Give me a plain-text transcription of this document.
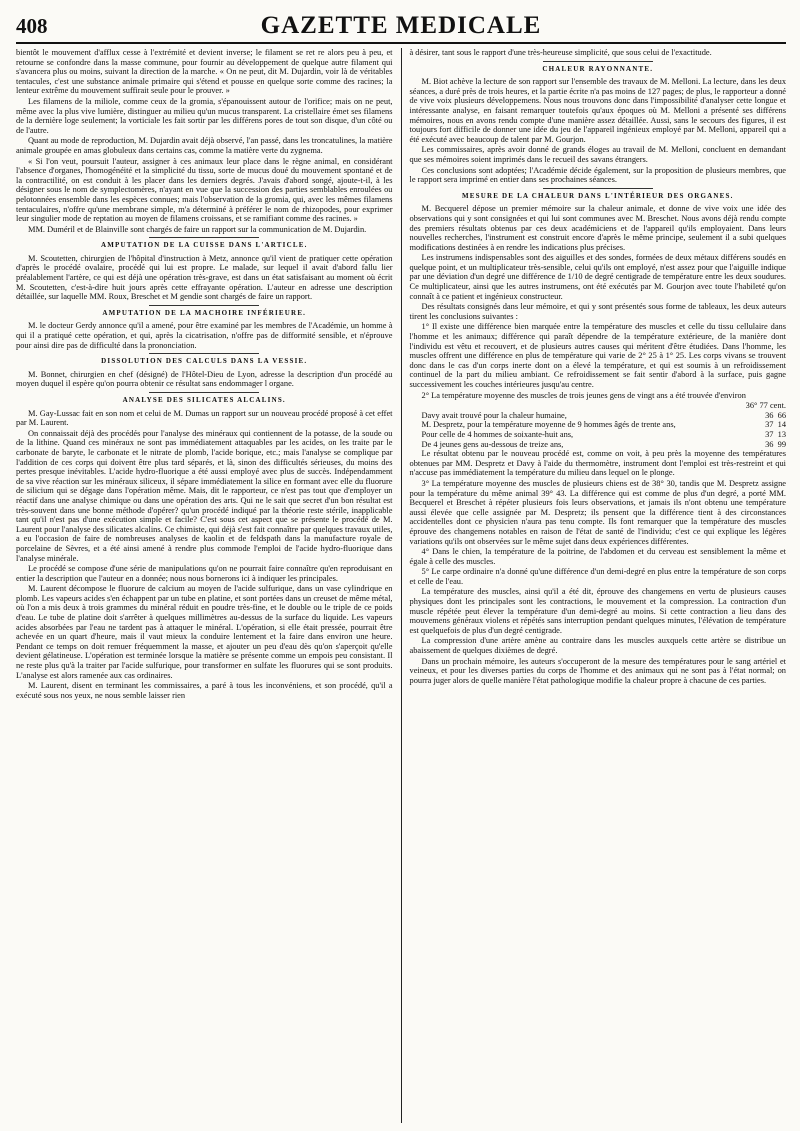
408	GAZETTE MEDICALE

bientôt le mouvement d'afflux cesse à l'extrémité et devient inverse; le filament se ret re alors peu à peu, et retourne se confondre dans la masse commune, pour fournir au développement de quelque autre filament qui s'avancera plus ou moins, suivant la direction de la marche. « On ne peut, dit M. Dujardin, voir là de véritables tentacules, c'est une substance animale primaire qui s'étend et pousse en quelque sorte comme des racines; la lenteur extrême du mouvement suffirait seule pour le prouver. »

Les filamens de la miliole, comme ceux de la gromia, s'épanouissent autour de l'orifice; mais on ne peut, même avec la plus vive lumière, distinguer au milieu qu'un mucus transparent. La cristellaire émet ses filamens de la dernière loge seulement; la vorticiale les fait sortir par les différens pores de tout son disque, d'un côté ou de l'autre.

Quant au mode de reproduction, M. Dujardin avait déjà observé, l'an passé, dans les troncatulines, la matière animale groupée en amas globuleux dans certains cas, comme la matière verte du zygnema.

« Si l'on veut, poursuit l'auteur, assigner à ces animaux leur place dans le règne animal, en considérant l'absence d'organes, l'homogénéité et la simplicité du tissu, sorte de mucus doué du mouvement spontané et de la contractilité, on est conduit à les placer dans les derniers degrés. J'avais d'abord songé, ajoute-t-il, à les désigner sous le nom de symplectomères, n'ayant en vue que la succession des parties semblables enroulées ou pelotonnées ensemble dans les espèces connues; mais l'observation de la gromia, qui, avec les mêmes filamens tentaculaires, n'offre qu'une membrane simple, m'a déterminé à préférer le nom de rhizopodes, pour exprimer leur singulier mode de reptation au moyen de filamens croissans, et se ramifiant comme des racines. »

MM. Duméril et de Blainville sont chargés de faire un rapport sur la communication de M. Dujardin.

AMPUTATION DE LA CUISSE DANS L'ARTICLE.

M. Scoutetten, chirurgien de l'hôpital d'instruction à Metz, annonce qu'il vient de pratiquer cette opération d'après le procédé ovalaire, procédé qui lui est propre. Le malade, sur lequel il avait d'abord fallu lier préalablement l'artère, ce qui est déjà une opération très-grave, est dans un état satisfaisant au moment où écrit M. Scoutetten, c'est-à-dire huit jours après cette effrayante opération. L'auteur en adresse une description détaillée, sur laquelle MM. Roux, Breschet et M gendie sont chargés de faire un rapport.

AMPUTATION DE LA MACHOIRE INFÉRIEURE.

M. le docteur Gerdy annonce qu'il a amené, pour être examiné par les membres de l'Académie, un homme à qui il a pratiqué cette opération, et qui, après la cicatrisation, n'offre pas de difformité sensible, et n'éprouve pour ainsi dire pas de difficulté dans la prononciation.

DISSOLUTION DES CALCULS DANS LA VESSIE.

M. Bonnet, chirurgien en chef (désigné) de l'Hôtel-Dieu de Lyon, adresse la description d'un procédé au moyen duquel il espère qu'on pourra obtenir ce résultat sans endommager l organe.

ANALYSE DES SILICATES ALCALINS.

M. Gay-Lussac fait en son nom et celui de M. Dumas un rapport sur un nouveau procédé proposé à cet effet par M. Laurent.

On connaissait déjà des procédés pour l'analyse des minéraux qui contiennent de la potasse, de la soude ou de la lithine. Quand ces minéraux ne sont pas immédiatement attaquables par les acides, on les traite par le carbonate de baryte, le carbonate et le nitrate de plomb, l'acide borique, etc.; mais l'analyse se complique par l'addition de ces corps qui doivent être plus tard séparés, et là, sinon des difficultés sérieuses, du moins des pertes presque inévitables. L'acide hydro-fluorique a été aussi employé avec plus de succès. Indépendamment de sa vive réaction sur les minéraux siliceux, il sépare immédiatement la silice en formant avec elle du fluorure de silicium qui se dégage dans l'opération même. Mais, dit le rapporteur, ce n'est pas tout que d'employer un réactif dans une analyse chimique ou dans une opération des arts. Qui ne le sait que secret d'un bon résultat est très-souvent dans une bonne méthode d'opérer? qu'un procédé indiqué par la théorie reste stérile, inapplicable tant qu'il n'est pas d'une exécution simple et facile? C'est sous cet aspect que se présente le procédé de M. Laurent pour l'analyse des silicates alcalins. Ce chimiste, qui déjà s'est fait connaître par quelques travaux utiles, a eu l'occasion de faire de nombreuses analyses de kaolin et de feldspath dans la manufacture royale de porcelaine de Sèvres, et a été ainsi amené à rendre plus commode l'emploi de l'acide hydro-fluorique dans l'analyse minérale.

Le procédé se compose d'une série de manipulations qu'on ne pourrait faire connaître qu'en reproduisant en entier la description que l'auteur en a donnée; nous nous bornerons ici à indiquer les principales.

M. Laurent décompose le fluorure de calcium au moyen de l'acide sulfurique, dans un vase cylindrique en plomb. Les vapeurs acides s'en échappent par un tube en platine, et sont portées dans un creuset de même métal, où l'on a mis deux à trois grammes du minéral réduit en poudre très-fine, et le double ou le triple de ce poids d'eau. Le tube de platine doit s'arrêter à quelques millimètres au-dessus de la surface du liquide. Les vapeurs acides absorbées par l'eau ne tardent pas à attaquer le minéral. L'opération, si elle était pressée, pourrait être achevée en un quart d'heure, mais il vaut mieux la conduire lentement et la faire dans environ une heure. Pendant ce temps on doit remuer fréquemment la masse, et ajouter un peu d'eau dès qu'on s'aperçoit qu'elle devient gélatineuse. L'opération est terminée lorsque la matière se présente comme un empois peu consistant. Il ne reste plus qu'à la traiter par l'acide sulfurique, pour transformer en sulfate les fluorures qui se sont produits. L'analyse est alors ramenée aux cas ordinaires.

M. Laurent, disent en terminant les commissaires, a paré à tous les inconvéniens, et son procédé, qu'il a exécuté sous nos yeux, ne nous semble laisser rien

à désirer, tant sous le rapport d'une très-heureuse simplicité, que sous celui de l'exactitude.

CHALEUR RAYONNANTE.

M. Biot achève la lecture de son rapport sur l'ensemble des travaux de M. Melloni. La lecture, dans les deux séances, a duré près de trois heures, et la partie écrite n'a pas moins de 127 pages; de plus, le rapporteur a donné de vive voix plusieurs développemens. Nous nous trouvons donc dans l'impossibilité d'analyser cette longue et intéressante analyse, en faisant remarquer toutefois qu'aux époques où M. Melloni a présenté ses différens mémoires, nous en avons rendu compte d'une manière assez détaillée. Aussi, sans le secours des figures, il est toujours fort difficile de donner une idée du jeu de l'appareil ingénieux employé par M. Melloni, appareil qui a été exécuté avec beaucoup de talent par M. Gourjon.

Les commissaires, après avoir donné de grands éloges au travail de M. Melloni, concluent en demandant que ses mémoires soient imprimés dans le recueil des savans étrangers.

Ces conclusions sont adoptées; l'Académie décide également, sur la proposition de plusieurs membres, que le rapport sera imprimé en entier dans ses prochaines séances.

MESURE DE LA CHALEUR DANS L'INTÉRIEUR DES ORGANES.

M. Becquerel dépose un premier mémoire sur la chaleur animale, et donne de vive voix une idée des observations qui y sont consignées et qui lui sont communes avec M. Breschet. Nous avons déjà rendu compte des premiers résultats obtenus par ces deux académiciens et de l'appareil qu'ils employaient. Dans leurs nouvelles recherches, l'instrument est construit encore d'après le même principe, seulement il a subi quelques modifications destinées à en rendre les indications plus précises.

Les instrumens indispensables sont des aiguilles et des sondes, formées de deux métaux différens soudés en quelque point, et un multiplicateur très-sensible, celui qu'ils ont employé, n'est assez pour que l'aiguille indique par une déviation d'un degré une différence de 1/10 de degré centigrade de température entre les deux soudures. Ce multiplicateur, ainsi que les autres instrumens, ont été exécutés par M. Gourjon avec toute l'habileté qu'on connaît à ce patient et ingénieux constructeur.

Des résultats consignés dans leur mémoire, et qui y sont présentés sous forme de tableaux, les deux auteurs tirent les conclusions suivantes :

1° Il existe une différence bien marquée entre la température des muscles et celle du tissu cellulaire dans l'homme et les animaux; différence qui paraît dépendre de la température extérieure, de la manière dont l'individu est vêtu et recouvert, et de plusieurs autres causes qui méritent d'être étudiées. Dans l'homme, les muscles offrent une différence en plus de température qui varie de 2° 25 à 1° 25. Les corps vivans se trouvent donc dans le cas d'un corps inerte dont on a élevé la température, et qui est soumis à un refroidissement continuel de la part du milieu ambiant. Ce refroidissement se fait sentir d'abord à la surface, puis gagne successivement les couches intérieures jusqu'au centre.

2° La température moyenne des muscles de trois jeunes gens de vingt ans a été trouvée d'environ

36° 77 cent.
Davy avait trouvé pour la chaleur humaine,	36  66
M. Despretz, pour la température moyenne de 9 hommes âgés de trente ans,	37  14
Pour celle de 4 hommes de soixante-huit ans,	37  13
De 4 jeunes gens au-dessous de treize ans,	36  99

Le résultat obtenu par le nouveau procédé est, comme on voit, à peu près la moyenne des températures obtenues par MM. Despretz et Davy à l'aide du thermomètre, instrument dont l'emploi est très-restreint et qui n'accuse pas immédiatement la température du milieu dans lequel on le plonge.

3° La température moyenne des muscles de plusieurs chiens est de 38° 30, tandis que M. Despretz assigne pour la température du même animal 39° 43. La différence qui est comme de plus d'un degré, a porté MM. Becquerel et Breschet à répéter plusieurs fois leurs observations, et jamais ils n'ont obtenu une température aussi élevée que celle assignée par M. Despretz; ils pensent que la différence tient à des circonstances accidentelles dont ce physicien n'aura pas tenu compte. Ils font remarquer que la température des muscles éprouve des changemens notables en raison de l'état de santé de l'individu; c'est ce qui explique les légères variations qu'ils ont observées sur le même sujet dans deux expériences différentes.

4° Dans le chien, la température de la poitrine, de l'abdomen et du cerveau est sensiblement la même et égale à celle des muscles.

5° Le carpe ordinaire n'a donné qu'une différence d'un demi-degré en plus entre la température de son corps et celle de l'eau.

La température des muscles, ainsi qu'il a été dit, éprouve des changemens en vertu de plusieurs causes physiques dont les principales sont les contractions, le mouvement et la compression. La contraction d'un muscle répétée peut élever la température d'un demi-degré au moins. Si cette contraction a lieu dans des mouvemens généraux violens et répétés sans interruption pendant quelques minutes, l'élévation de température est quelquefois de plus d'un degré centigrade.

La compression d'une artère amène au contraire dans les muscles auxquels cette artère se distribue un abaissement de quelques dixièmes de degré.

Dans un prochain mémoire, les auteurs s'occuperont de la mesure des températures pour le sang artériel et veineux, et pour les diverses parties du corps de l'homme et des animaux qui ne sont pas à l'état normal; on pourra juger alors de quelle manière l'état pathologique modifie la chaleur propre à chacune de ces parties.
